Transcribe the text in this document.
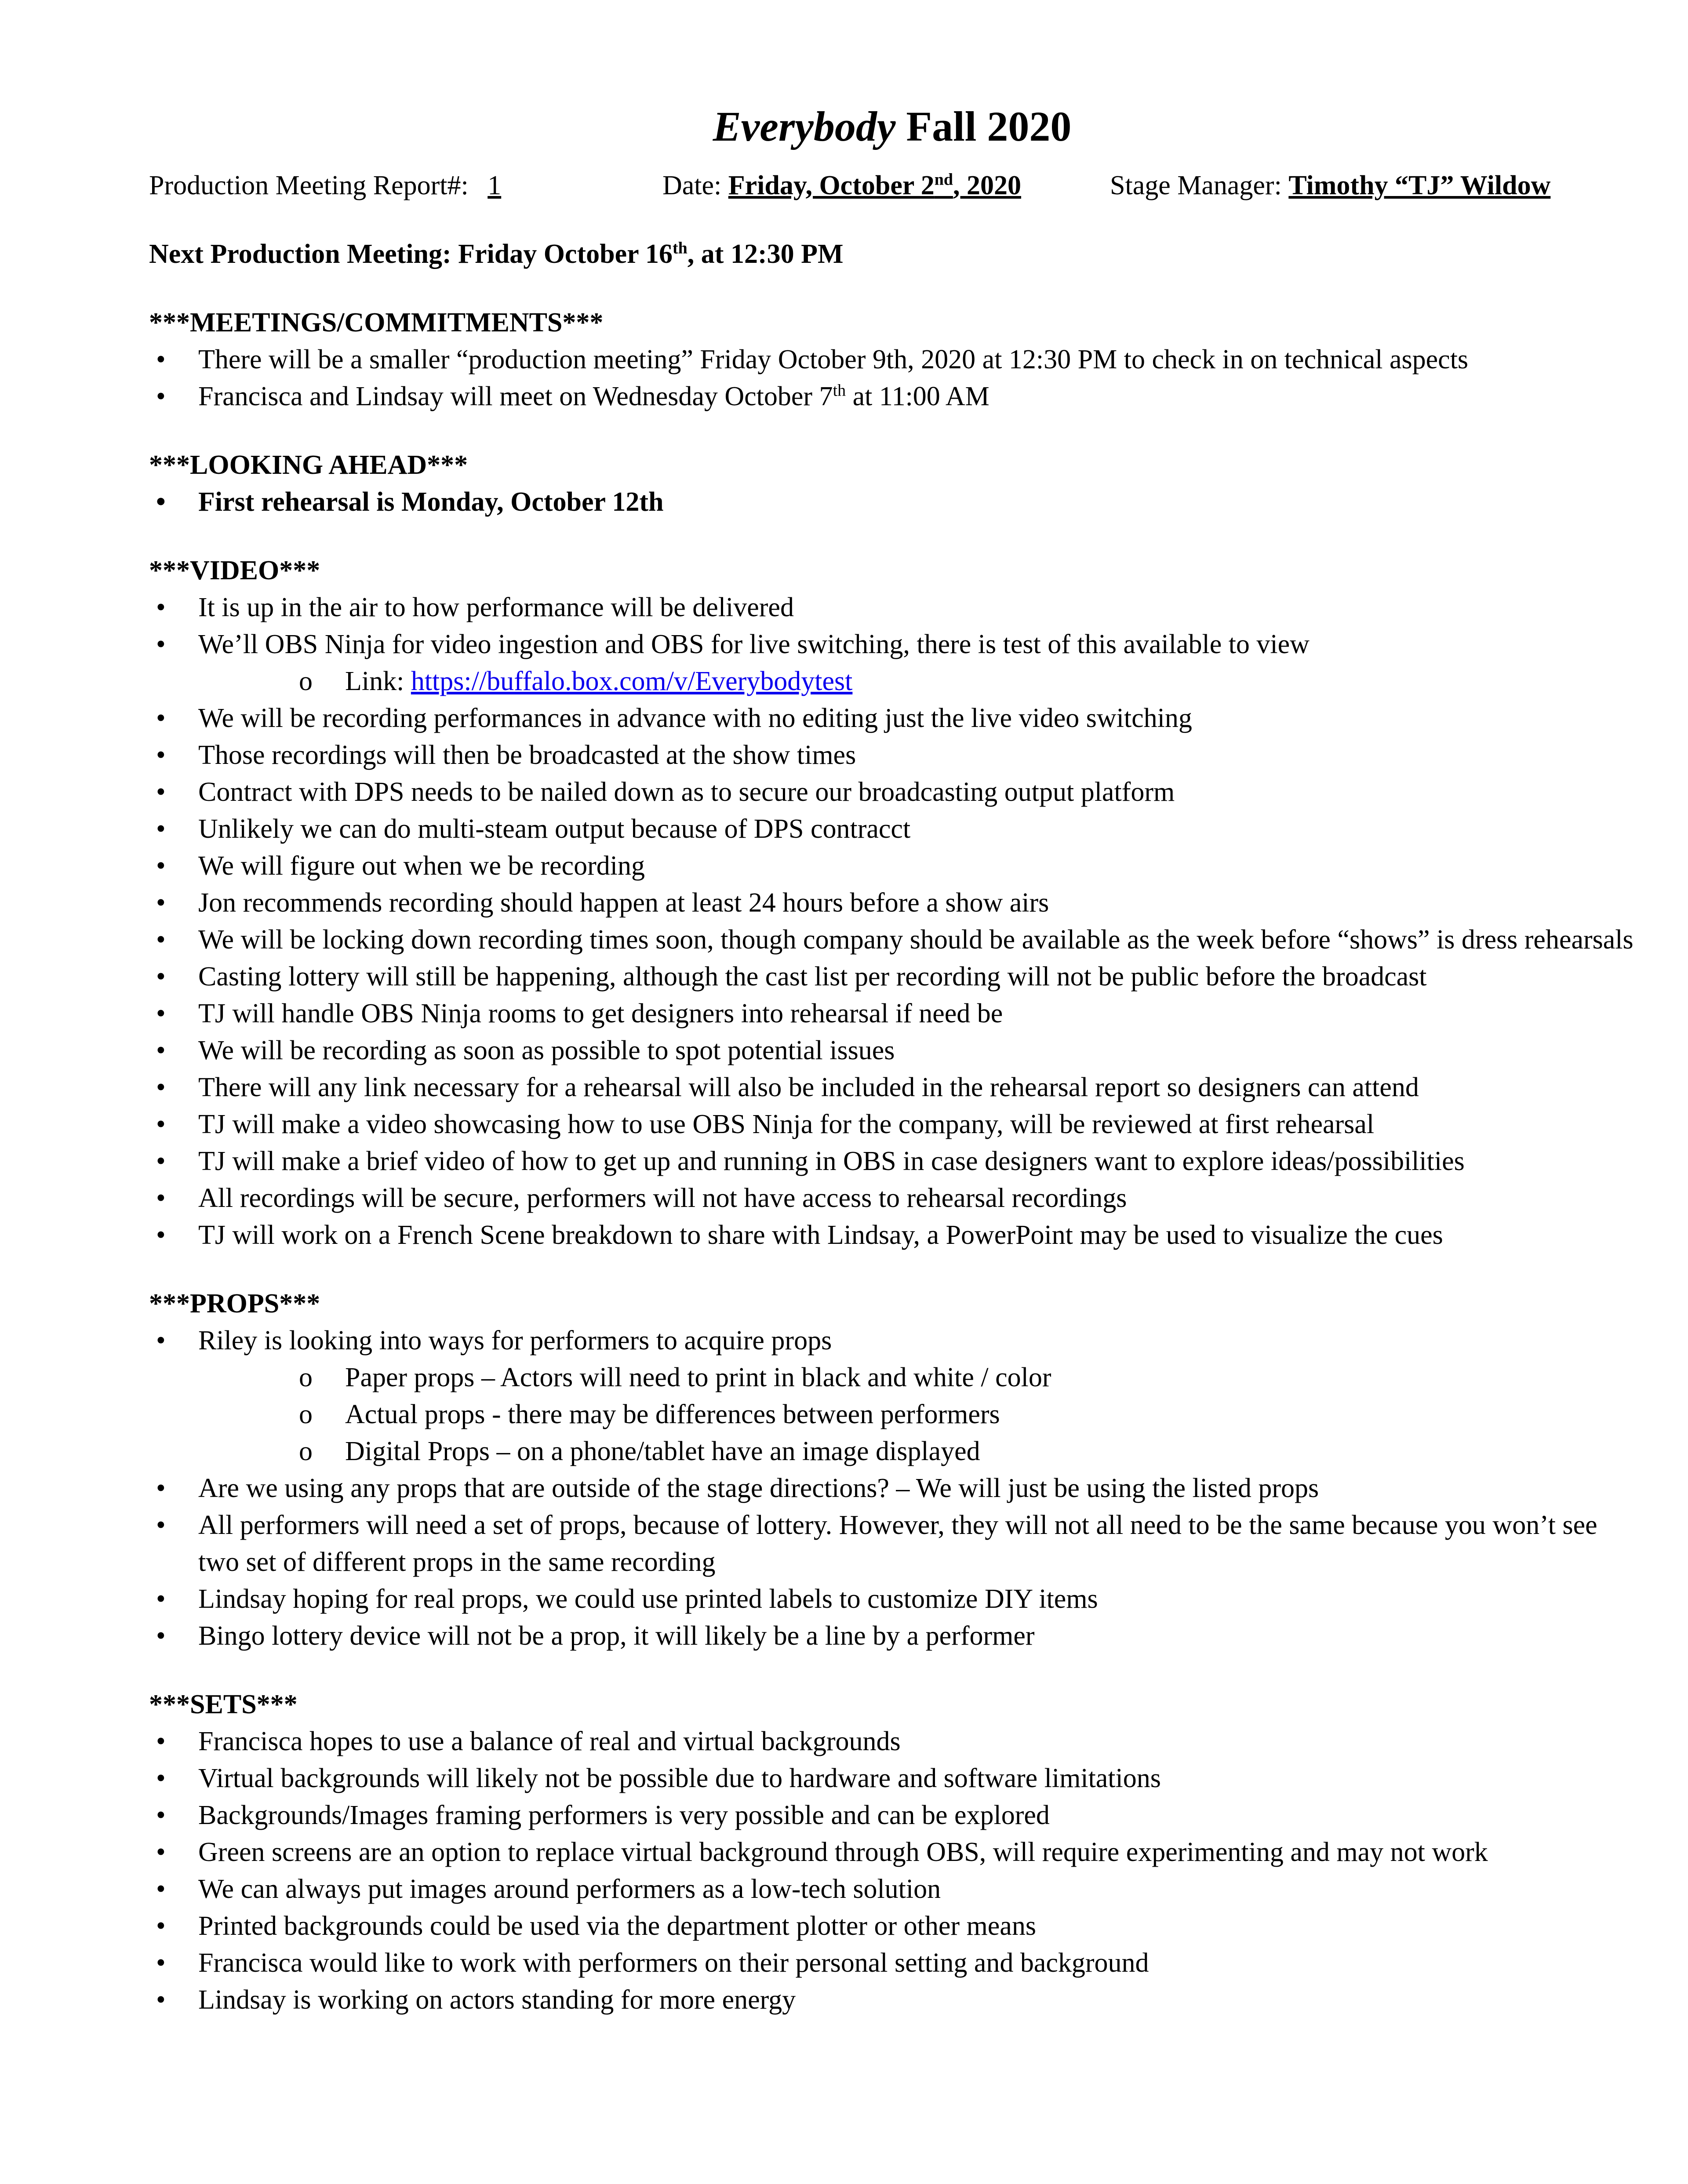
Everybody Fall 2020
Production Meeting Report#: 1	Date: Friday, October 2nd, 2020	Stage Manager: Timothy “TJ” Wildow
Next Production Meeting: Friday October 16th, at 12:30 PM
***MEETINGS/COMMITMENTS***
• There will be a smaller “production meeting” Friday October 9th, 2020 at 12:30 PM to check in on technical aspects
• Francisca and Lindsay will meet on Wednesday October 7th at 11:00 AM
***LOOKING AHEAD***
• First rehearsal is Monday, October 12th
***VIDEO***
• It is up in the air to how performance will be delivered
• We’ll OBS Ninja for video ingestion and OBS for live switching, there is test of this available to view
o Link: https://buffalo.box.com/v/Everybodytest
• We will be recording performances in advance with no editing just the live video switching
• Those recordings will then be broadcasted at the show times
• Contract with DPS needs to be nailed down as to secure our broadcasting output platform
• Unlikely we can do multi-steam output because of DPS contracct
• We will figure out when we be recording
• Jon recommends recording should happen at least 24 hours before a show airs
• We will be locking down recording times soon, though company should be available as the week before “shows” is dress rehearsals
• Casting lottery will still be happening, although the cast list per recording will not be public before the broadcast
• TJ will handle OBS Ninja rooms to get designers into rehearsal if need be
• We will be recording as soon as possible to spot potential issues
• There will any link necessary for a rehearsal will also be included in the rehearsal report so designers can attend
• TJ will make a video showcasing how to use OBS Ninja for the company, will be reviewed at first rehearsal
• TJ will make a brief video of how to get up and running in OBS in case designers want to explore ideas/possibilities
• All recordings will be secure, performers will not have access to rehearsal recordings
• TJ will work on a French Scene breakdown to share with Lindsay, a PowerPoint may be used to visualize the cues
***PROPS***
• Riley is looking into ways for performers to acquire props
o Paper props – Actors will need to print in black and white / color
o Actual props - there may be differences between performers
o Digital Props – on a phone/tablet have an image displayed
• Are we using any props that are outside of the stage directions? – We will just be using the listed props
• All performers will need a set of props, because of lottery. However, they will not all need to be the same because you won’t see two set of different props in the same recording
• Lindsay hoping for real props, we could use printed labels to customize DIY items
• Bingo lottery device will not be a prop, it will likely be a line by a performer
***SETS***
• Francisca hopes to use a balance of real and virtual backgrounds
• Virtual backgrounds will likely not be possible due to hardware and software limitations
• Backgrounds/Images framing performers is very possible and can be explored
• Green screens are an option to replace virtual background through OBS, will require experimenting and may not work
• We can always put images around performers as a low-tech solution
• Printed backgrounds could be used via the department plotter or other means
• Francisca would like to work with performers on their personal setting and background
• Lindsay is working on actors standing for more energy
